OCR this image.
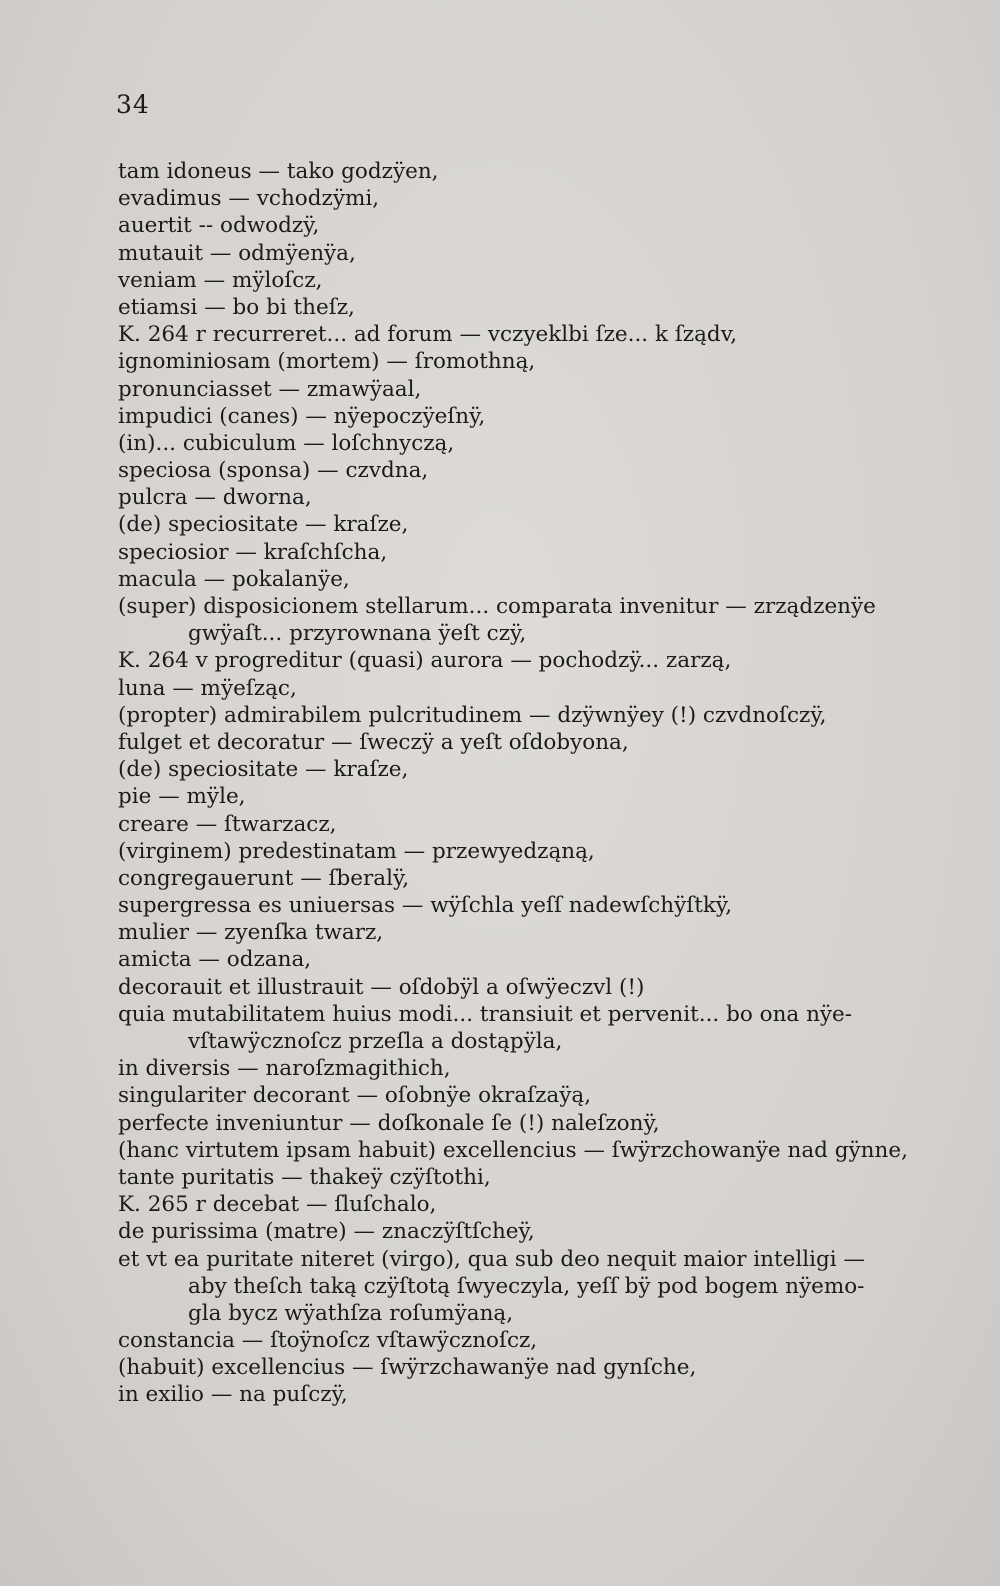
34
tam idoneus — tako godzÿen,
evadimus — vchodzÿmi,
auertit -- odwodzÿ,
mutauit — odmÿenÿa,
veniam — mÿloſcz,
etiamsi — bo bi theſz,
K. 264 r recurreret... ad forum — vczyeklbi ſze... k ſządv,
ignominiosam (mortem) — ſromothną,
pronunciasset — zmawÿaal,
impudici (canes) — nÿepoczÿeſnÿ,
(in)... cubiculum — loſchnyczą,
speciosa (sponsa) — czvdna,
pulcra — dworna,
(de) speciositate — kraſze,
speciosior — kraſchſcha,
macula — pokalanÿe,
(super) disposicionem stellarum... comparata invenitur — zrządzenÿe
gwÿaſt... przyrownana ÿeſt czÿ,
K. 264 v progreditur (quasi) aurora — pochodzÿ... zarzą,
luna — mÿeſząc,
(propter) admirabilem pulcritudinem — dzÿwnÿey (!) czvdnoſczÿ,
fulget et decoratur — ſweczÿ a yeſt oſdobyona,
(de) speciositate — kraſze,
pie — mÿle,
creare — ſtwarzacz,
(virginem) predestinatam — przewyedząną,
congregauerunt — ſberalÿ,
supergressa es uniuersas — wÿſchla yeſſ nadewſchÿſtkÿ,
mulier — zyenſka twarz,
amicta — odzana,
decorauit et illustrauit — oſdobÿl a oſwÿeczvl (!)
quia mutabilitatem huius modi... transiuit et pervenit... bo ona nÿe-
vſtawÿcznoſcz przeſla a dostąpÿla,
in diversis — naroſzmagithich,
singulariter decorant — oſobnÿe okraſzaÿą,
perfecte inveniuntur — doſkonale ſe (!) naleſzonÿ,
(hanc virtutem ipsam habuit) excellencius — ſwÿrzchowanÿe nad gÿnne,
tante puritatis — thakeÿ czÿſtothi,
K. 265 r decebat — ſluſchalo,
de purissima (matre) — znaczÿſtſcheÿ,
et vt ea puritate niteret (virgo), qua sub deo nequit maior intelligi —
aby theſch taką czÿſtotą ſwyeczyla, yeſſ bÿ pod bogem nÿemo-
gla bycz wÿathſza roſumÿaną,
constancia — ſtoÿnoſcz vſtawÿcznoſcz,
(habuit) excellencius — ſwÿrzchawanÿe nad gynſche,
in exilio — na puſczÿ,
